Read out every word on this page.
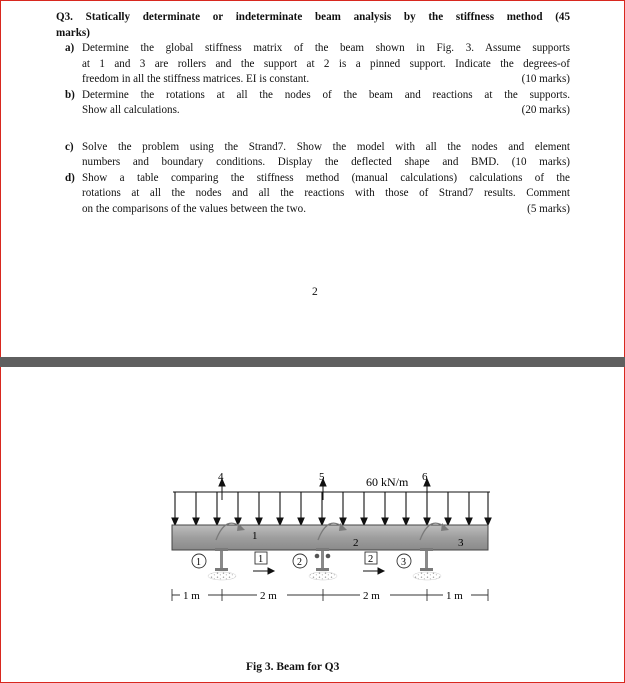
Q3. Statically determinate or indeterminate beam analysis by the stiffness method (45
marks)
a) Determine the global stiffness matrix of the beam shown in Fig. 3. Assume supports
at 1 and 3 are rollers and the support at 2 is a pinned support. Indicate the degrees-of
freedom in all the stiffness matrices. EI is constant.	(10 marks)
b) Determine the rotations at all the nodes of the beam and reactions at the supports.
Show all calculations.	(20 marks)
c) Solve the problem using the Strand7. Show the model with all the nodes and element
numbers and boundary conditions. Display the deflected shape and BMD. (10 marks)
d) Show a table comparing the stiffness method (manual calculations) calculations of the
rotations at all the nodes and all the reactions with those of Strand7 results. Comment
on the comparisons of the values between the two.	(5 marks)
2
60 kN/m
4	5	6
1
2	3
1	2
1	2	3
1 m	2 m	2 m	1 m
Fig 3. Beam for Q3
